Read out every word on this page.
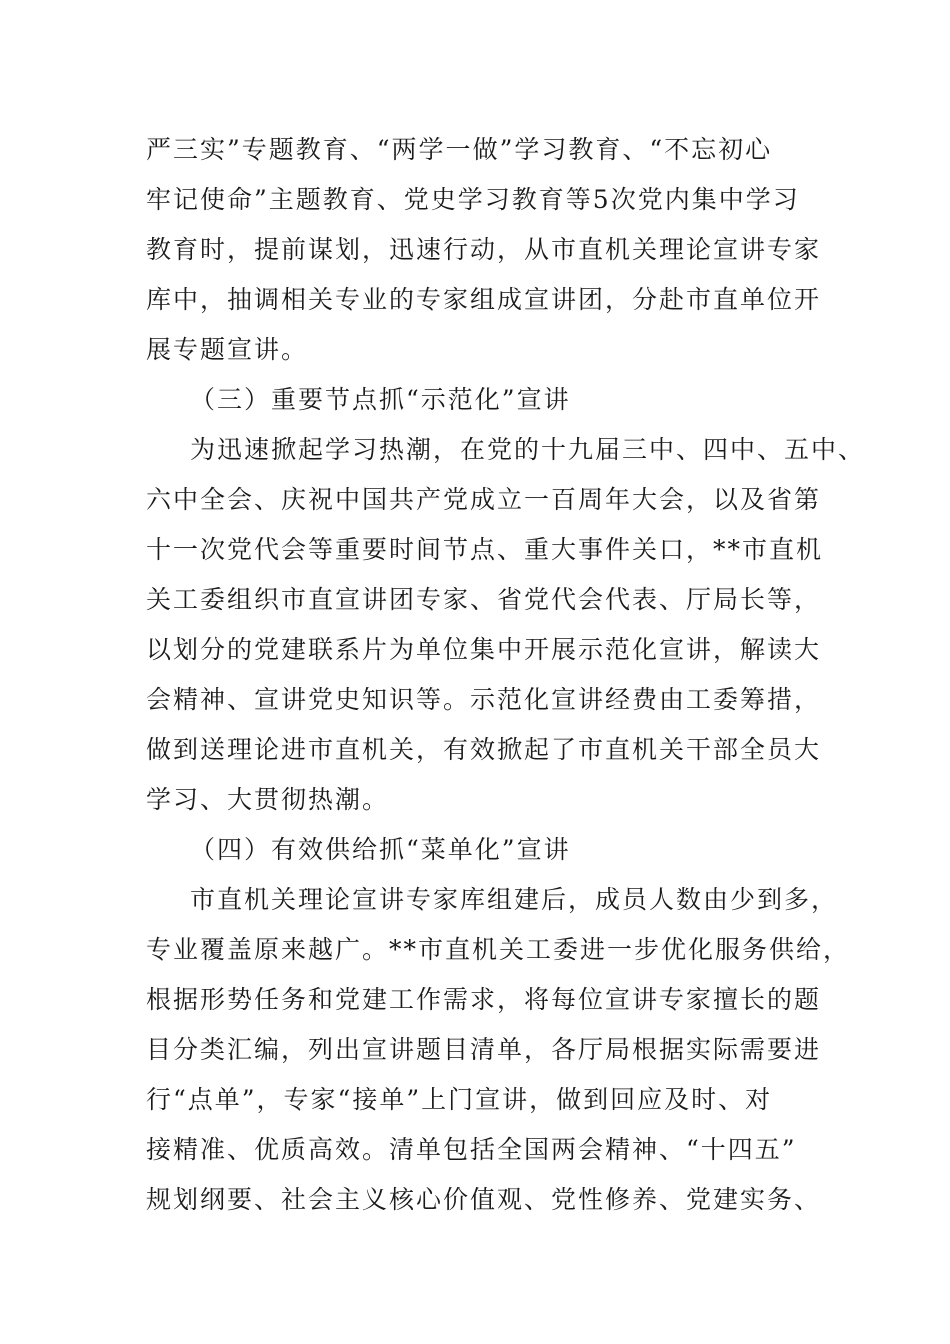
严三实”专题教育、“两学一做”学习教育、“不忘初心
牢记使命”主题教育、党史学习教育等5次党内集中学习
教育时，提前谋划，迅速行动，从市直机关理论宣讲专家
库中，抽调相关专业的专家组成宣讲团，分赴市直单位开
展专题宣讲。
（三）重要节点抓“示范化”宣讲
为迅速掀起学习热潮，在党的十九届三中、四中、五中、
六中全会、庆祝中国共产党成立一百周年大会，以及省第
十一次党代会等重要时间节点、重大事件关口，**市直机
关工委组织市直宣讲团专家、省党代会代表、厅局长等，
以划分的党建联系片为单位集中开展示范化宣讲，解读大
会精神、宣讲党史知识等。示范化宣讲经费由工委筹措，
做到送理论进市直机关，有效掀起了市直机关干部全员大
学习、大贯彻热潮。
（四）有效供给抓“菜单化”宣讲
市直机关理论宣讲专家库组建后，成员人数由少到多，
专业覆盖原来越广。**市直机关工委进一步优化服务供给，
根据形势任务和党建工作需求，将每位宣讲专家擅长的题
目分类汇编，列出宣讲题目清单，各厅局根据实际需要进
行“点单”，专家“接单”上门宣讲，做到回应及时、对
接精准、优质高效。清单包括全国两会精神、“十四五”
规划纲要、社会主义核心价值观、党性修养、党建实务、
